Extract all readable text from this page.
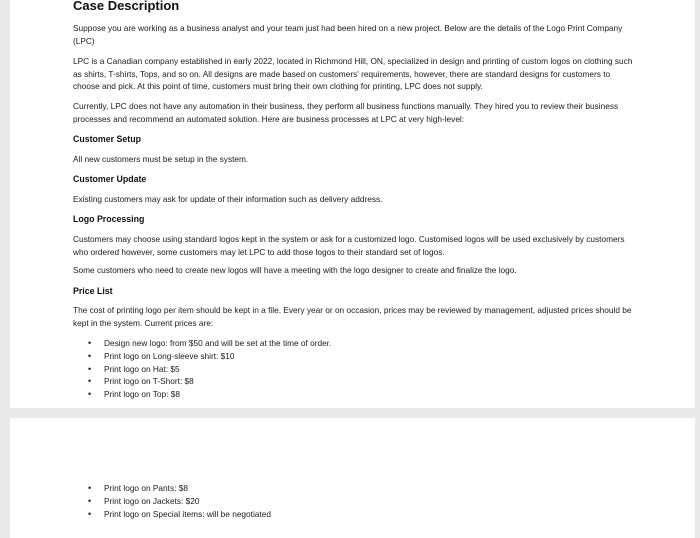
Case Description

Suppose you are working as a business analyst and your team just had been hired on a new project. Below are the details of the Logo Print Company (LPC)

LPC is a Canadian company established in early 2022, located in Richmond Hill, ON, specialized in design and printing of custom logos on clothing such as shirts, T-shirts, Tops, and so on. All designs are made based on customers' requirements, however, there are standard designs for customers to choose and pick. At this point of time, customers must bring their own clothing for printing, LPC does not supply.

Currently, LPC does not have any automation in their business, they perform all business functions manually. They hired you to review their business processes and recommend an automated solution. Here are business processes at LPC at very high-level:

Customer Setup

All new customers must be setup in the system.

Customer Update

Existing customers may ask for update of their information such as delivery address.

Logo Processing

Customers may choose using standard logos kept in the system or ask for a customized logo. Customised logos will be used exclusively by customers who ordered however, some customers may let LPC to add those logos to their standard set of logos.

Some customers who need to create new logos will have a meeting with the logo designer to create and finalize the logo.

Price List

The cost of printing logo per item should be kept in a file. Every year or on occasion, prices may be reviewed by management, adjusted prices should be kept in the system. Current prices are:

• Design new logo: from $50 and will be set at the time of order.
• Print logo on Long-sleeve shirt: $10
• Print logo on Hat: $5
• Print logo on T-Short: $8
• Print logo on Top: $8
• Print logo on Pants: $8
• Print logo on Jackets: $20
• Print logo on Special items: will be negotiated
